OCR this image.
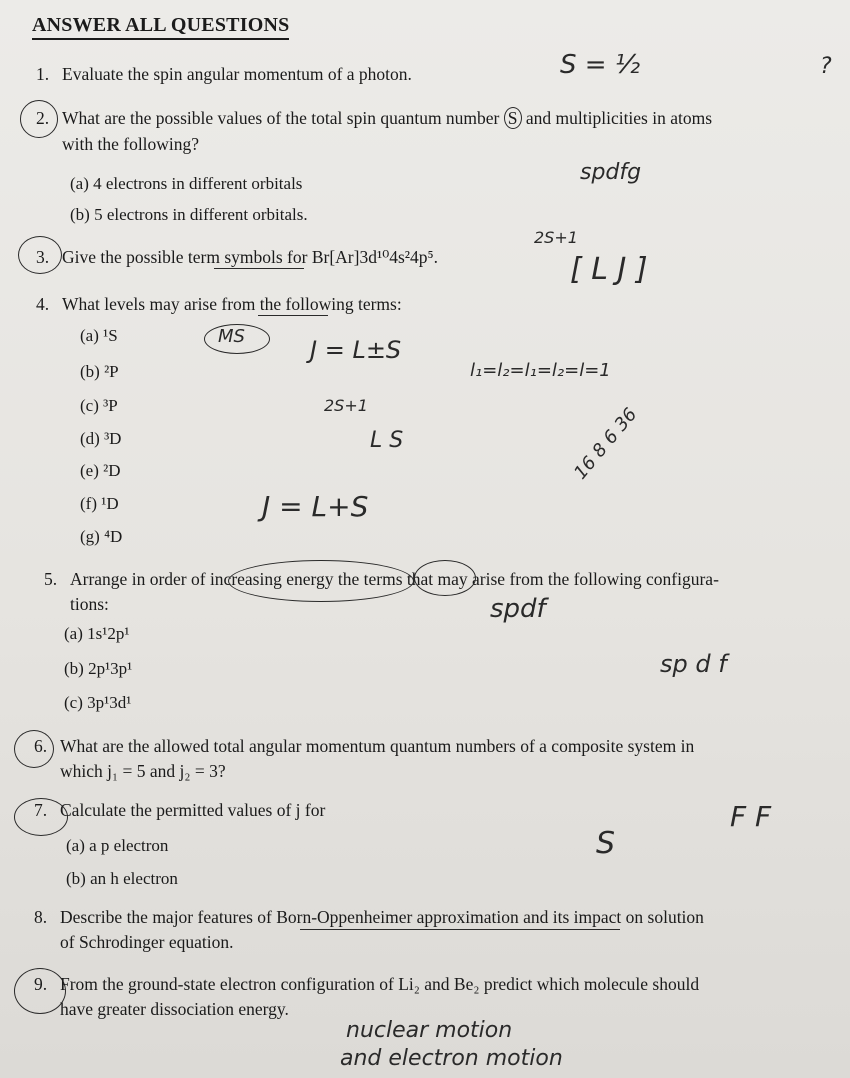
ANSWER ALL QUESTIONS
1. Evaluate the spin angular momentum of a photon.	S = ½	?
2. What are the possible values of the total spin quantum number S and multiplicities in atoms
with the following?
(a) 4 electrons in different orbitals
(b) 5 electrons in different orbitals.
spdfg
3. Give the possible term symbols for Br[Ar]3d¹⁰4s²4p⁵.
2S+1
[ L J ]
4. What levels may arise from the following terms:
(a) ¹S
(b) ²P
(c) ³P
(d) ³D
(e) ²D
(f) ¹D
(g) ⁴D
MS	J = L±S
2S+1
L S
J = L+S
l₁=l₂=l₁=l₂=l=1
16 8 6 36
5. Arrange in order of increasing energy the terms that may arise from the following configura-
tions:
(a) 1s¹2p¹
(b) 2p¹3p¹
(c) 3p¹3d¹
spdf
sp d f
6. What are the allowed total angular momentum quantum numbers of a composite system in
which j₁ = 5 and j₂ = 3?
7. Calculate the permitted values of j for
(a) a p electron
(b) an h electron
S
F F
8. Describe the major features of Born-Oppenheimer approximation and its impact on solution
of Schrodinger equation.
9. From the ground-state electron configuration of Li₂ and Be₂ predict which molecule should
have greater dissociation energy.
nuclear motion
and electron motion
